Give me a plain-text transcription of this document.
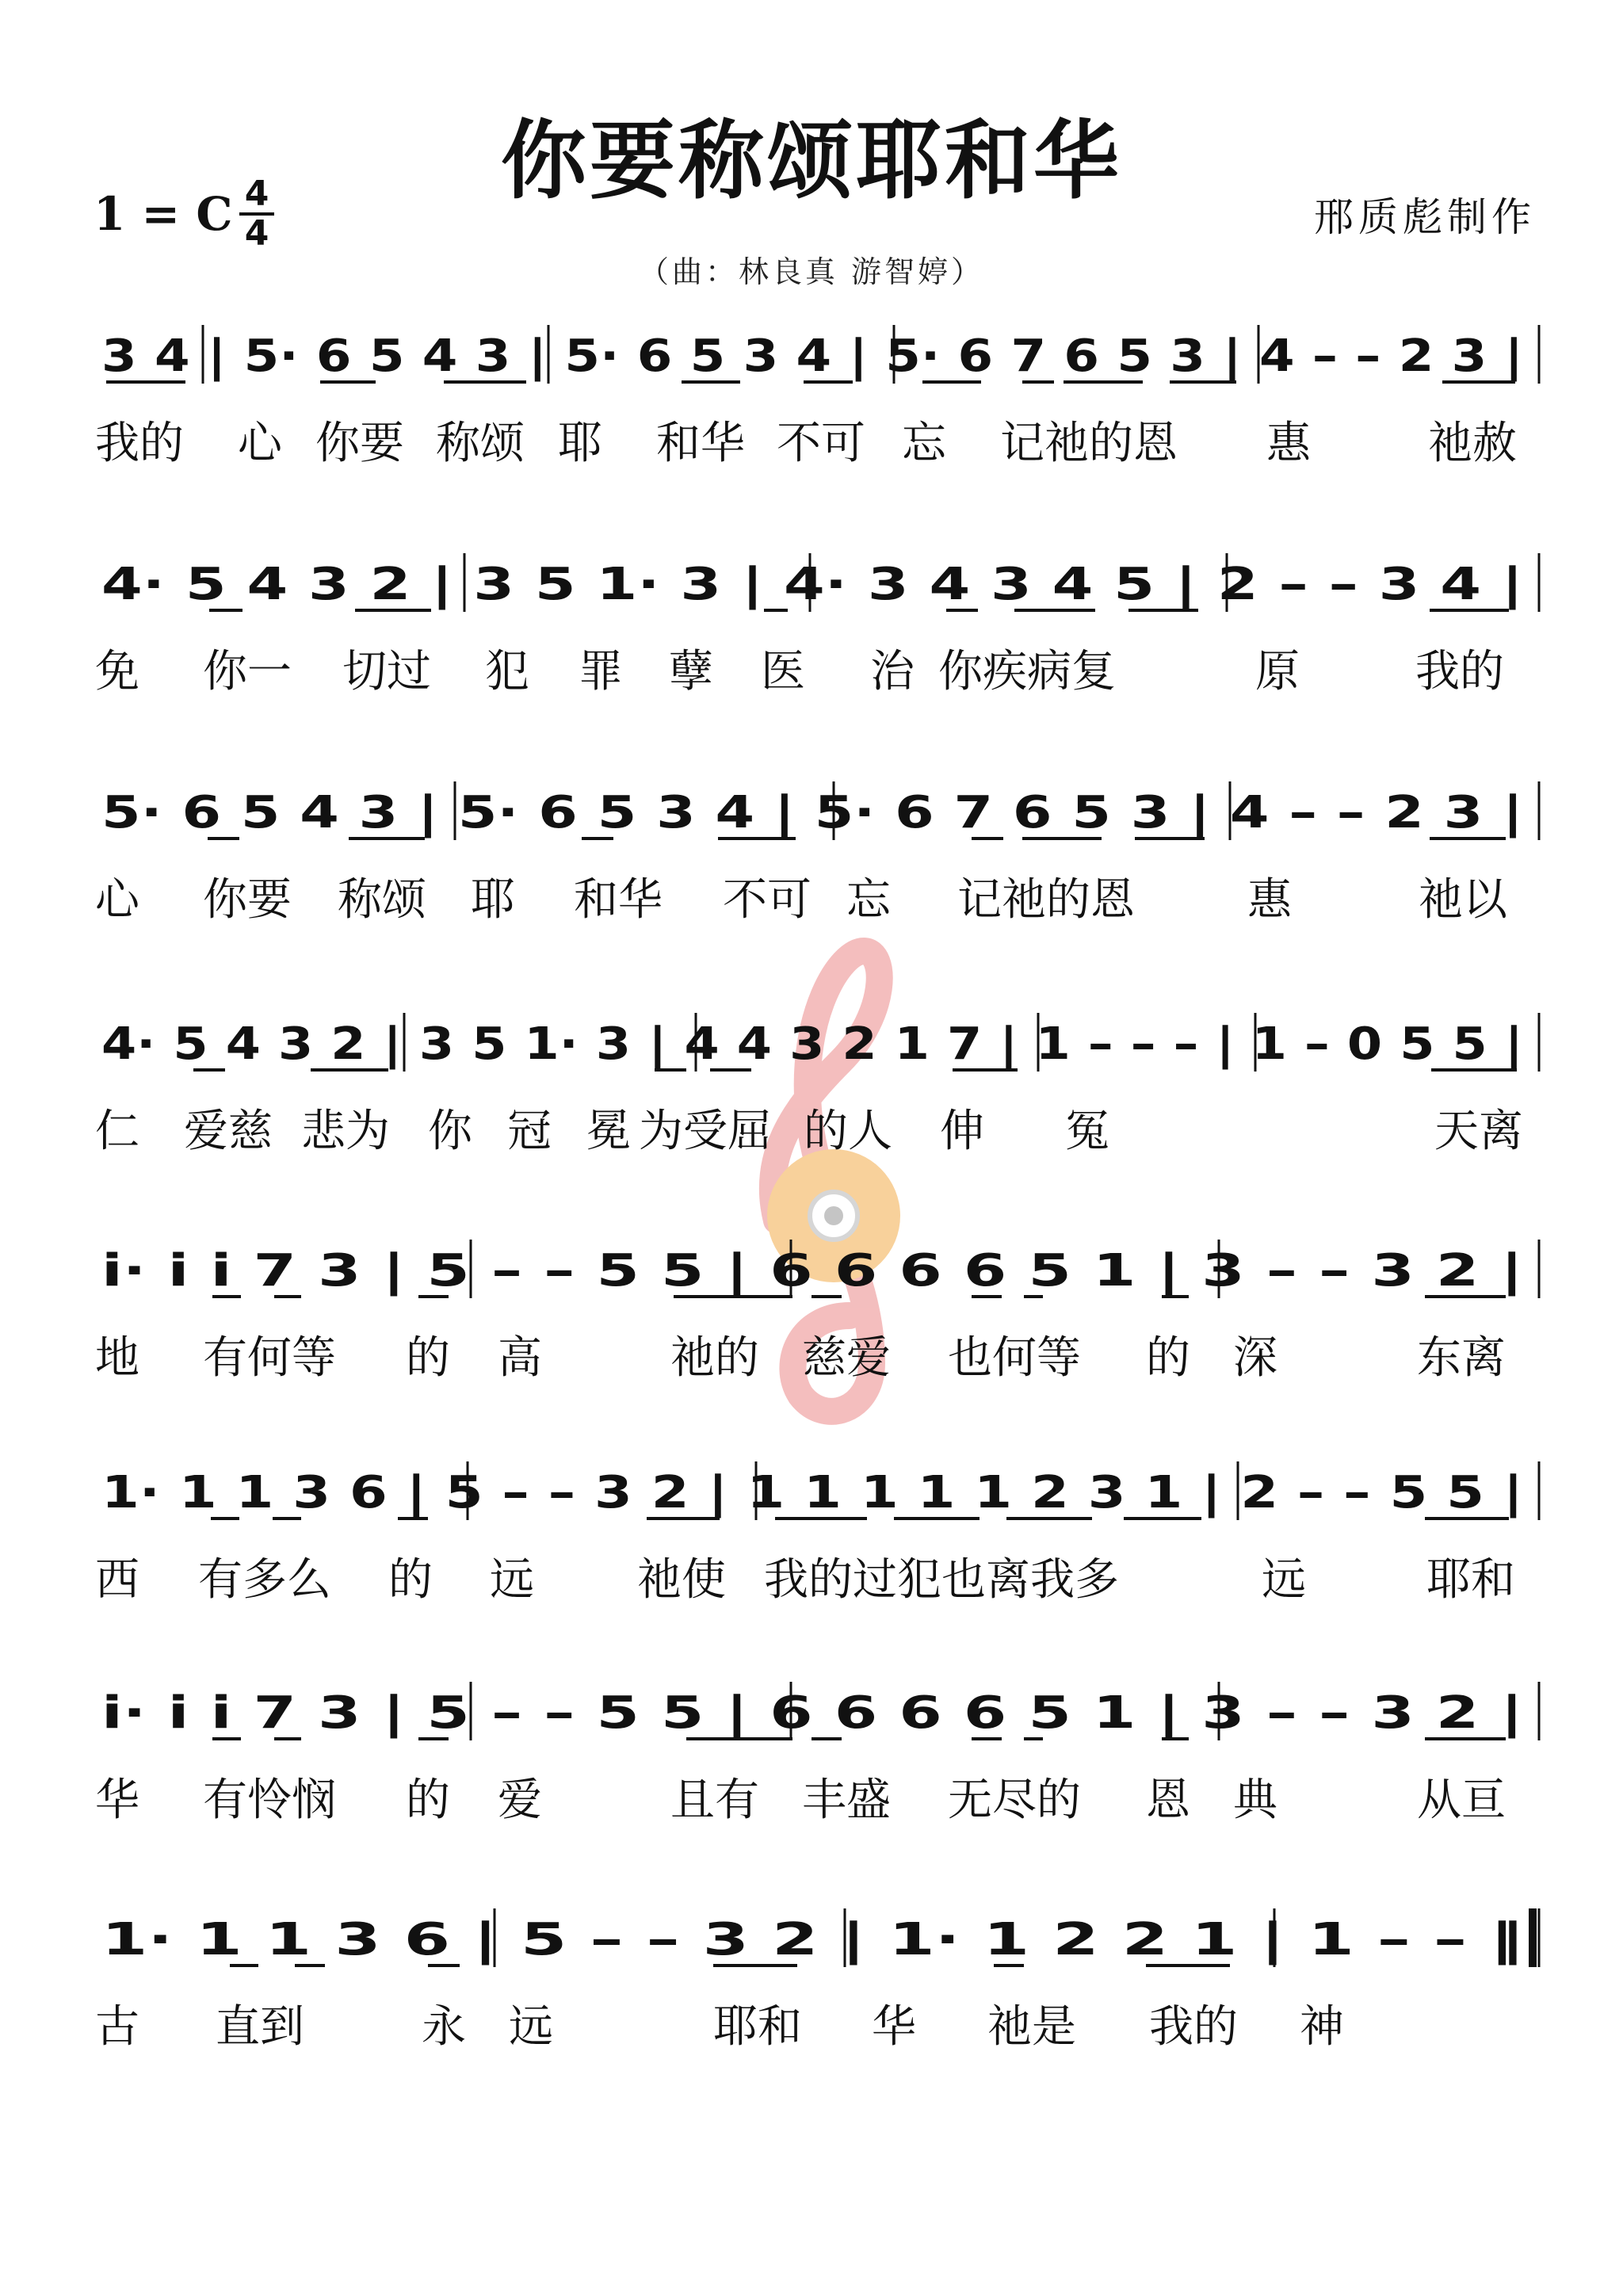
你要称颂耶和华
1 = C 4
4	邢质彪制作
（曲：林良真 游智婷）
3 4 | 5· 6 5 4 3 | 5· 6 5 3 4 | 5· 6 7 6 5 3 | 4 – – 2 3 |
我的 心 你要 称颂 耶 和华 不可 忘 记祂的恩 惠	祂赦
4· 5 4 3 2 | 3 5 1· 3 | 4· 3 4 3 4 5 | 2 – – 3 4 |
免 你一 切过 犯 罪 孽 医 治 你疾病复	原	我的
5· 6 5 4 3 | 5· 6 5 3 4 | 5· 6 7 6 5 3 | 4 – – 2 3 |
心 你要 称颂 耶 和华 不可 忘 记祂的恩	惠	祂以
4· 5 4 3 2 | 3 5 1· 3 | 4 4 3 2 1 7 | 1 – – – | 1 – 0 5 5 |
仁 爱慈 悲为 你 冠 冕 为受屈 的人 伸 冤	天离
i· i i 7 3 | 5 – – 5 5 | 6 6 6 6 5 1 | 3 – – 3 2 |
地 有何等 的 高	祂的 慈爱 也何等 的 深	东离
1· 1 1 3 6 | 5 – – 3 2 | 1 1 1 1 1 2 3 1 | 2 – – 5 5 |
西 有多么 的 远 祂使 我的过犯也离我多	远	耶和
i· i i 7 3 | 5 – – 5 5 | 6 6 6 6 5 1 | 3 – – 3 2 |
华 有怜悯 的 爱	且有 丰盛 无尽的 恩 典	从亘
1· 1 1 3 6 | 5 – – 3 2 | 1· 1 2 2 1 | 1 – – ‖
古 直到	永 远	耶和 华 祂是 我的 神
